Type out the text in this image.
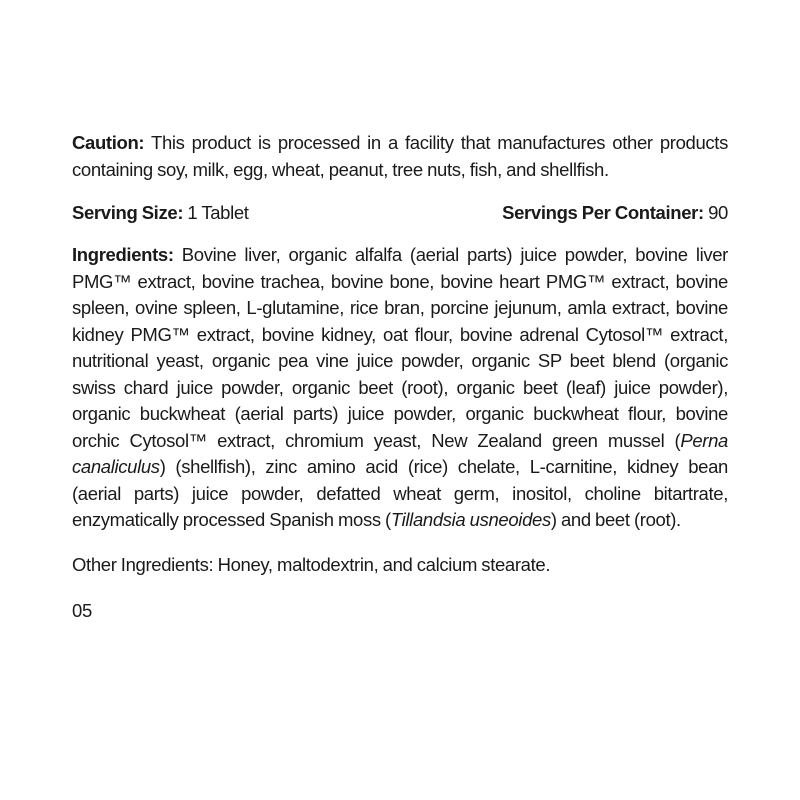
Caution: This product is processed in a facility that manufactures other products containing soy, milk, egg, wheat, peanut, tree nuts, fish, and shellfish.

Serving Size: 1 Tablet	Servings Per Container: 90

Ingredients: Bovine liver, organic alfalfa (aerial parts) juice powder, bovine liver PMG™ extract, bovine trachea, bovine bone, bovine heart PMG™ extract, bovine spleen, ovine spleen, L-glutamine, rice bran, porcine jejunum, amla extract, bovine kidney PMG™ extract, bovine kidney, oat flour, bovine adrenal Cytosol™ extract, nutritional yeast, organic pea vine juice powder, organic SP beet blend (organic swiss chard juice powder, organic beet (root), organic beet (leaf) juice powder), organic buckwheat (aerial parts) juice powder, organic buckwheat flour, bovine orchic Cytosol™ extract, chromium yeast, New Zealand green mussel (Perna canaliculus) (shellfish), zinc amino acid (rice) chelate, L-carnitine, kidney bean (aerial parts) juice powder, defatted wheat germ, inositol, choline bitartrate, enzymatically processed Spanish moss (Tillandsia usneoides) and beet (root).

Other Ingredients: Honey, maltodextrin, and calcium stearate.

05
